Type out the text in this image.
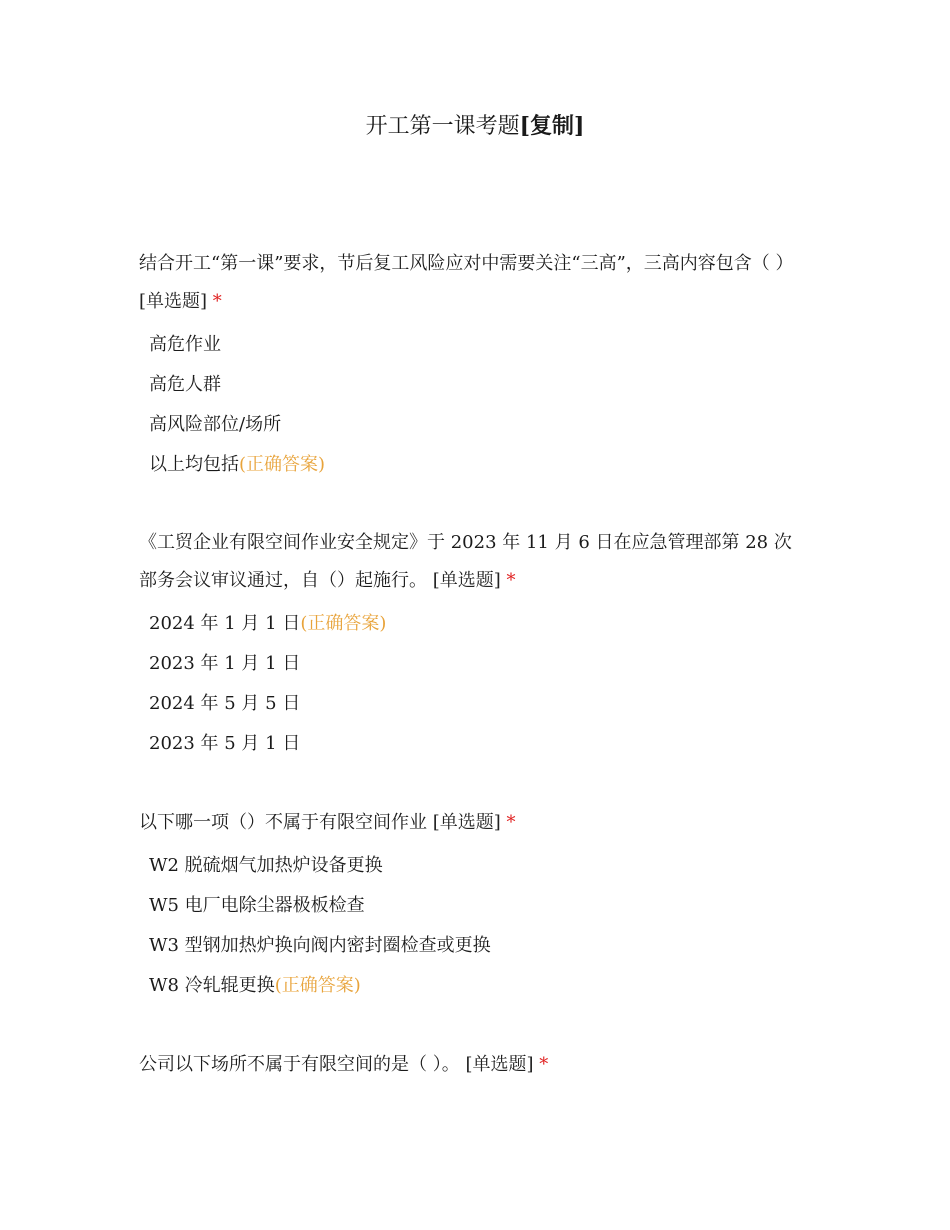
开工第一课考题[复制]
结合开工“第一课”要求，节后复工风险应对中需要关注“三高”，三高内容包含（ ） [单选题] *
高危作业
高危人群
高风险部位/场所
以上均包括(正确答案)
《工贸企业有限空间作业安全规定》于 2023 年 11 月 6 日在应急管理部第 28 次部务会议审议通过，自（）起施行。 [单选题] *
2024 年 1 月 1 日(正确答案)
2023 年 1 月 1 日
2024 年 5 月 5 日
2023 年 5 月 1 日
以下哪一项（）不属于有限空间作业 [单选题] *
W2 脱硫烟气加热炉设备更换
W5 电厂电除尘器极板检查
W3 型钢加热炉换向阀内密封圈检查或更换
W8 冷轧辊更换(正确答案)
公司以下场所不属于有限空间的是（ ）。 [单选题] *
